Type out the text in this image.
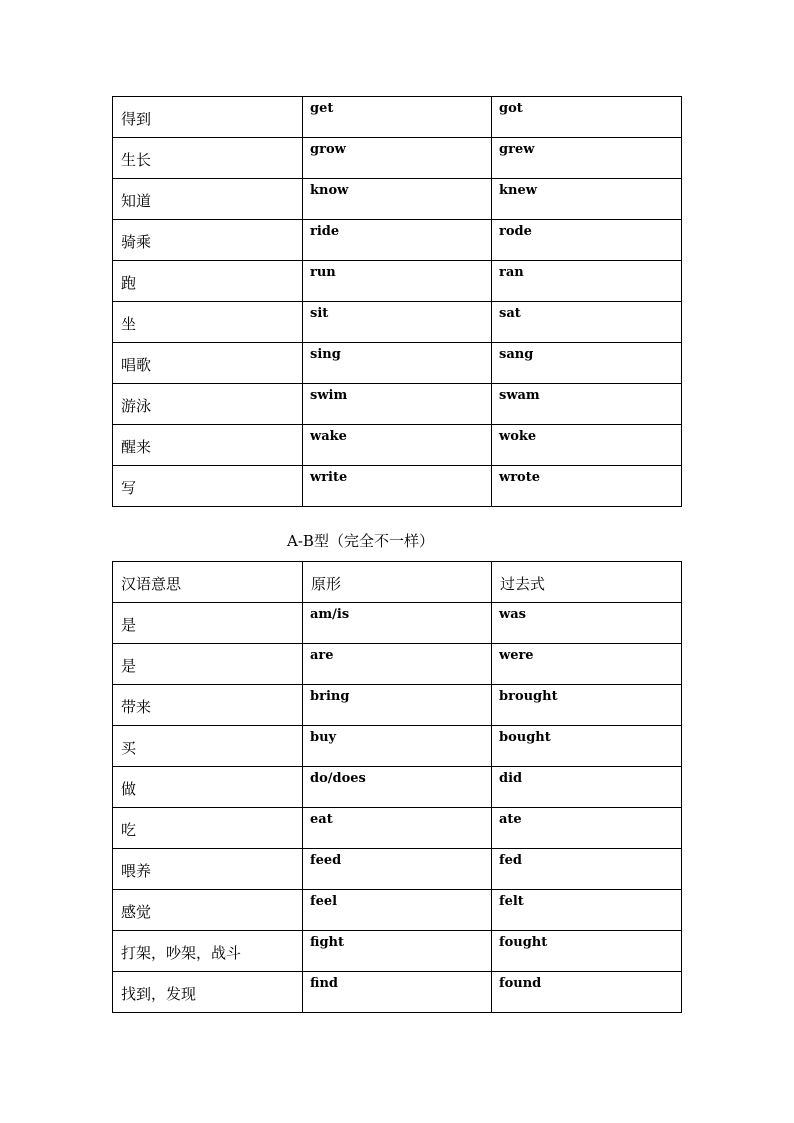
得到	get	got

生长	grow	grew

知道	know	knew

骑乘	ride	rode

跑	run	ran

坐	sit	sat

唱歌	sing	sang

游泳	swim	swam

醒来	wake	woke

写	write	wrote
A-B型（完全不一样）
汉语意思	原形	过去式

是	am/is	was

是	are	were

带来	bring	brought

买	buy	bought

做	do/does	did

吃	eat	ate

喂养	feed	fed

感觉	feel	felt

打架，吵架，战斗	fight	fought

找到，发现	find	found
